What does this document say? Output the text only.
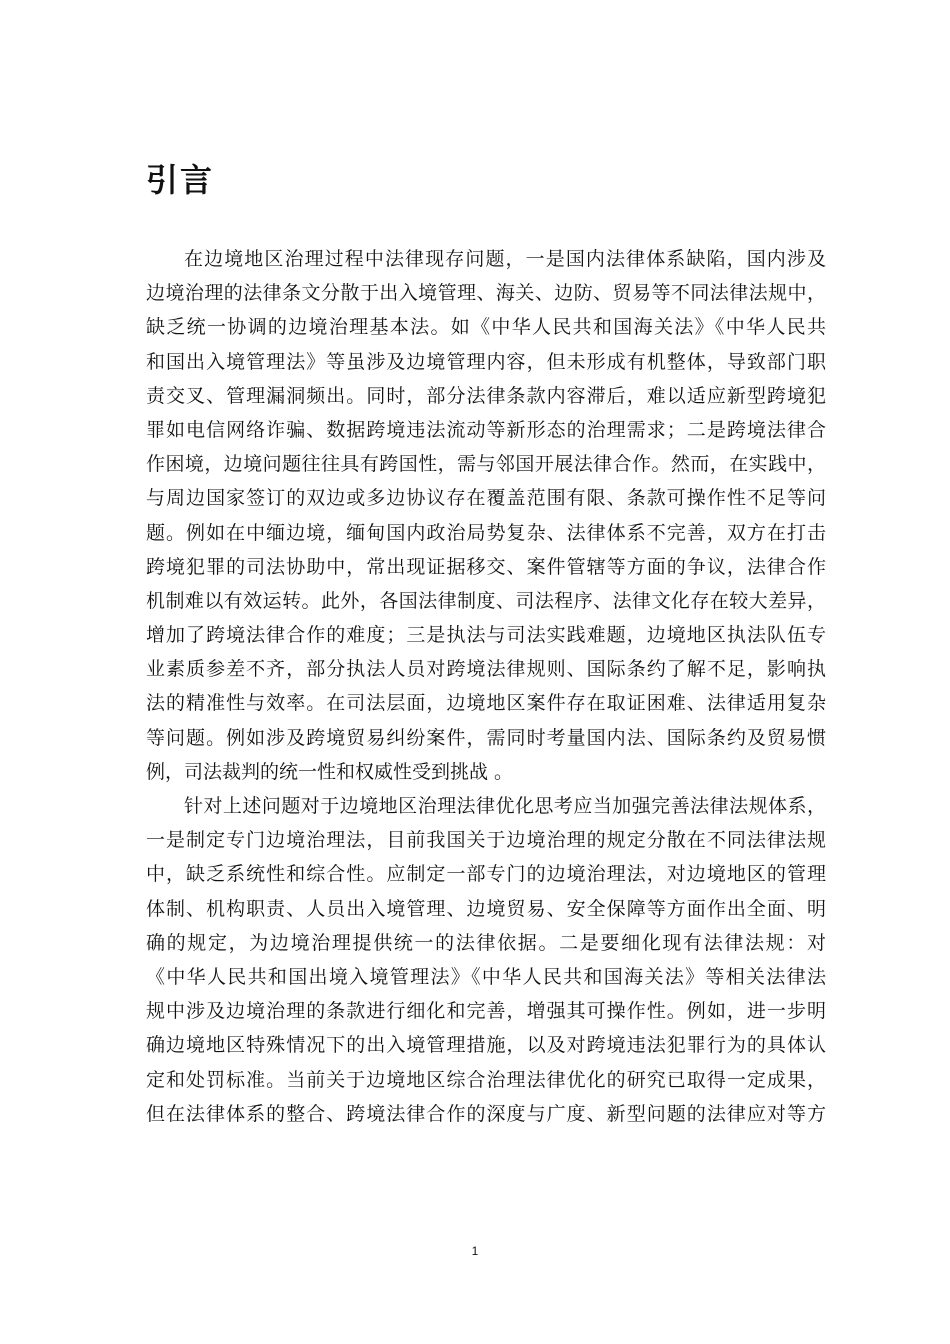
引言
在边境地区治理过程中法律现存问题，一是国内法律体系缺陷，国内涉及
边境治理的法律条文分散于出入境管理、海关、边防、贸易等不同法律法规中，
缺乏统一协调的边境治理基本法。如《中华人民共和国海关法》《中华人民共
和国出入境管理法》等虽涉及边境管理内容，但未形成有机整体，导致部门职
责交叉、管理漏洞频出。同时，部分法律条款内容滞后，难以适应新型跨境犯
罪如电信网络诈骗、数据跨境违法流动等新形态的治理需求；二是跨境法律合
作困境，边境问题往往具有跨国性，需与邻国开展法律合作。然而，在实践中，
与周边国家签订的双边或多边协议存在覆盖范围有限、条款可操作性不足等问
题。例如在中缅边境，缅甸国内政治局势复杂、法律体系不完善，双方在打击
跨境犯罪的司法协助中，常出现证据移交、案件管辖等方面的争议，法律合作
机制难以有效运转。此外，各国法律制度、司法程序、法律文化存在较大差异，
增加了跨境法律合作的难度；三是执法与司法实践难题，边境地区执法队伍专
业素质参差不齐，部分执法人员对跨境法律规则、国际条约了解不足，影响执
法的精准性与效率。在司法层面，边境地区案件存在取证困难、法律适用复杂
等问题。例如涉及跨境贸易纠纷案件，需同时考量国内法、国际条约及贸易惯
例，司法裁判的统一性和权威性受到挑战 。
针对上述问题对于边境地区治理法律优化思考应当加强完善法律法规体系，
一是制定专门边境治理法，目前我国关于边境治理的规定分散在不同法律法规
中，缺乏系统性和综合性。应制定一部专门的边境治理法，对边境地区的管理
体制、机构职责、人员出入境管理、边境贸易、安全保障等方面作出全面、明
确的规定，为边境治理提供统一的法律依据。二是要细化现有法律法规：对
《中华人民共和国出境入境管理法》《中华人民共和国海关法》等相关法律法
规中涉及边境治理的条款进行细化和完善，增强其可操作性。例如，进一步明
确边境地区特殊情况下的出入境管理措施，以及对跨境违法犯罪行为的具体认
定和处罚标准。当前关于边境地区综合治理法律优化的研究已取得一定成果，
但在法律体系的整合、跨境法律合作的深度与广度、新型问题的法律应对等方
1
